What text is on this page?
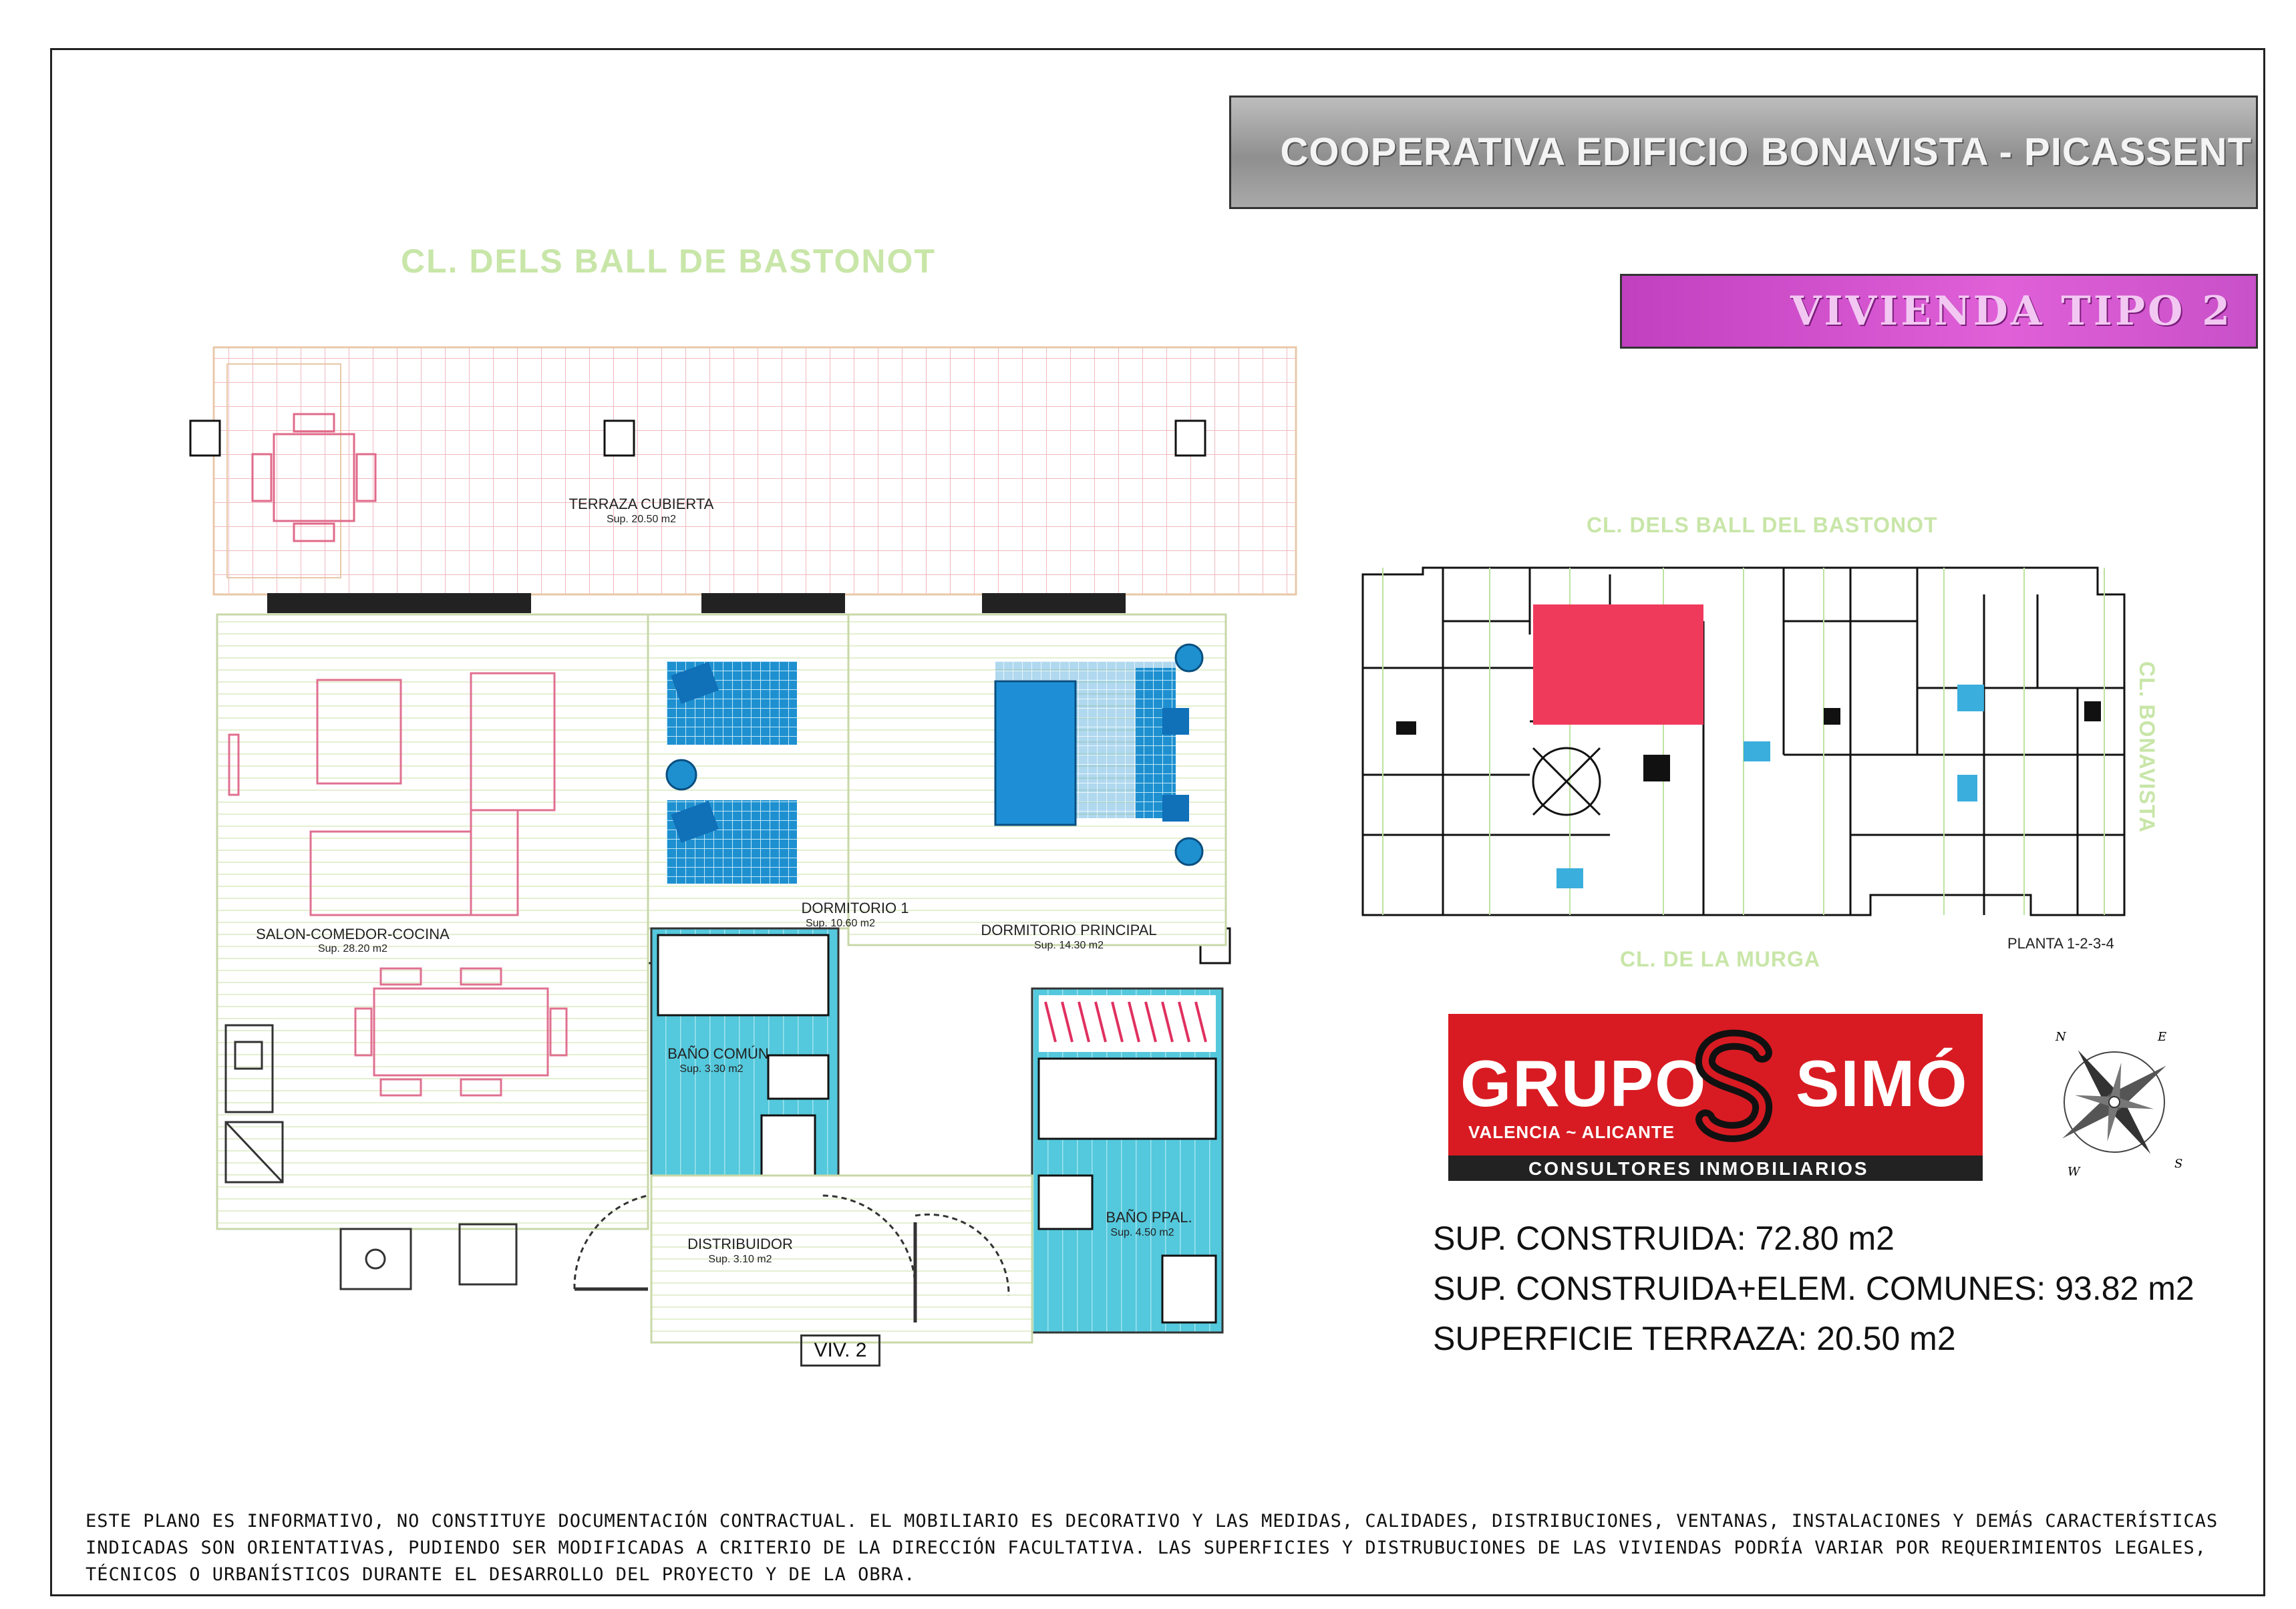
COOPERATIVA EDIFICIO BONAVISTA - PICASSENT
VIVIENDA TIPO 2
CL. DELS BALL DE BASTONOT
TERRAZA CUBIERTA
Sup. 20.50 m2
SALON-COMEDOR-COCINA
Sup. 28.20 m2
DORMITORIO 1
Sup. 10.60 m2	DORMITORIO PRINCIPAL
Sup. 14.30 m2
BAÑO COMÚN
Sup. 3.30 m2
DISTRIBUIDOR
Sup. 3.10 m2
BAÑO PPAL.
Sup. 4.50 m2
VIV. 2
CL. DELS BALL DEL BASTONOT
CL. DE LA MURGA
CL. BONAVISTA
PLANTA 1-2-3-4
GRUPO SIMÓ
VALENCIA ~ ALICANTE
CONSULTORES INMOBILIARIOS
N	E
W
S
SUP. CONSTRUIDA: 72.80 m2
SUP. CONSTRUIDA+ELEM. COMUNES: 93.82 m2
SUPERFICIE TERRAZA: 20.50 m2
ESTE PLANO ES INFORMATIVO, NO CONSTITUYE DOCUMENTACIÓN CONTRACTUAL. EL MOBILIARIO ES DECORATIVO Y LAS MEDIDAS, CALIDADES, DISTRIBUCIONES, VENTANAS, INSTALACIONES Y DEMÁS CARACTERÍSTICAS INDICADAS SON ORIENTATIVAS, PUDIENDO SER MODIFICADAS A CRITERIO DE LA DIRECCIÓN FACULTATIVA. LAS SUPERFICIES Y DISTRUBUCIONES DE LAS VIVIENDAS PODRÍA VARIAR POR REQUERIMIENTOS LEGALES, TÉCNICOS O URBANÍSTICOS DURANTE EL DESARROLLO DEL PROYECTO Y DE LA OBRA.
